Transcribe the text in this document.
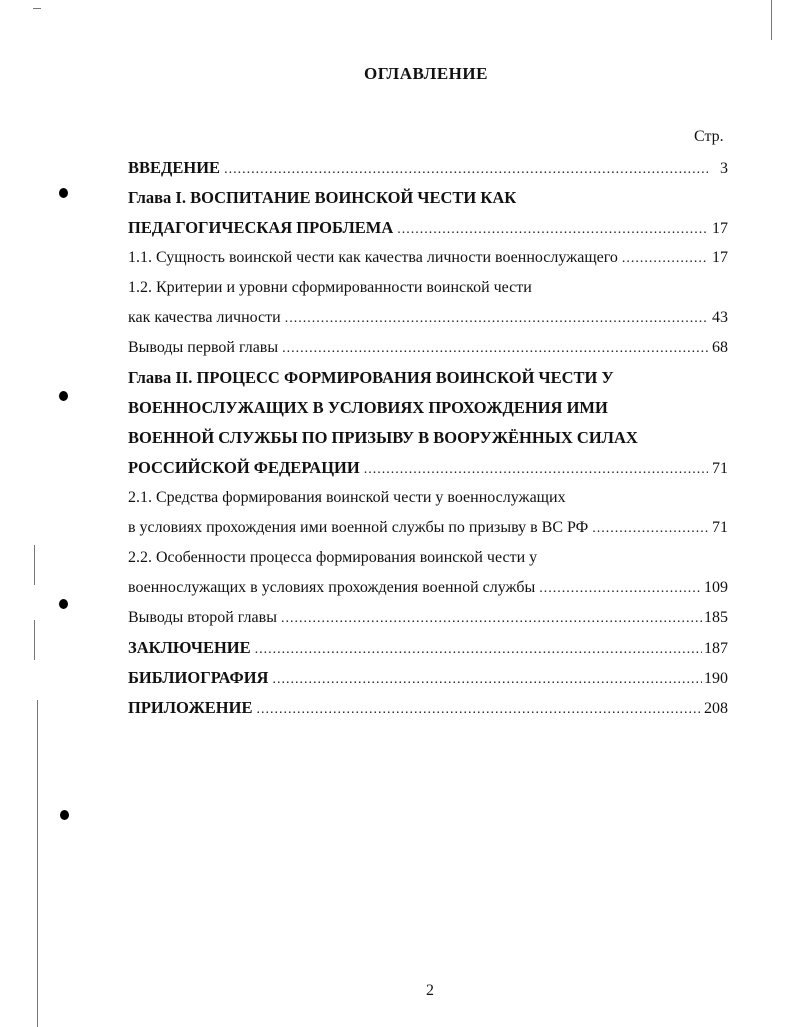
ОГЛАВЛЕНИЕ
Стр.
ВВЕДЕНИЕ .....	3
Глава I. ВОСПИТАНИЕ ВОИНСКОЙ ЧЕСТИ КАК
ПЕДАГОГИЧЕСКАЯ ПРОБЛЕМА .....	17
1.1. Сущность воинской чести как качества личности военнослужащего .....	17
1.2. Критерии и уровни сформированности воинской чести
как качества личности .....	43
Выводы первой главы .....	68
Глава II. ПРОЦЕСС ФОРМИРОВАНИЯ ВОИНСКОЙ ЧЕСТИ У
ВОЕННОСЛУЖАЩИХ В УСЛОВИЯХ ПРОХОЖДЕНИЯ ИМИ
ВОЕННОЙ СЛУЖБЫ ПО ПРИЗЫВУ В ВООРУЖЁННЫХ СИЛАХ
РОССИЙСКОЙ ФЕДЕРАЦИИ .....	71
2.1. Средства формирования воинской чести у военнослужащих
в условиях прохождения ими военной службы по призыву в ВС РФ .....	71
2.2. Особенности процесса формирования воинской чести у
военнослужащих в условиях прохождения военной службы .....	109
Выводы второй главы .....	185
ЗАКЛЮЧЕНИЕ .....	187
БИБЛИОГРАФИЯ .....	190
ПРИЛОЖЕНИЕ .....	208
2
